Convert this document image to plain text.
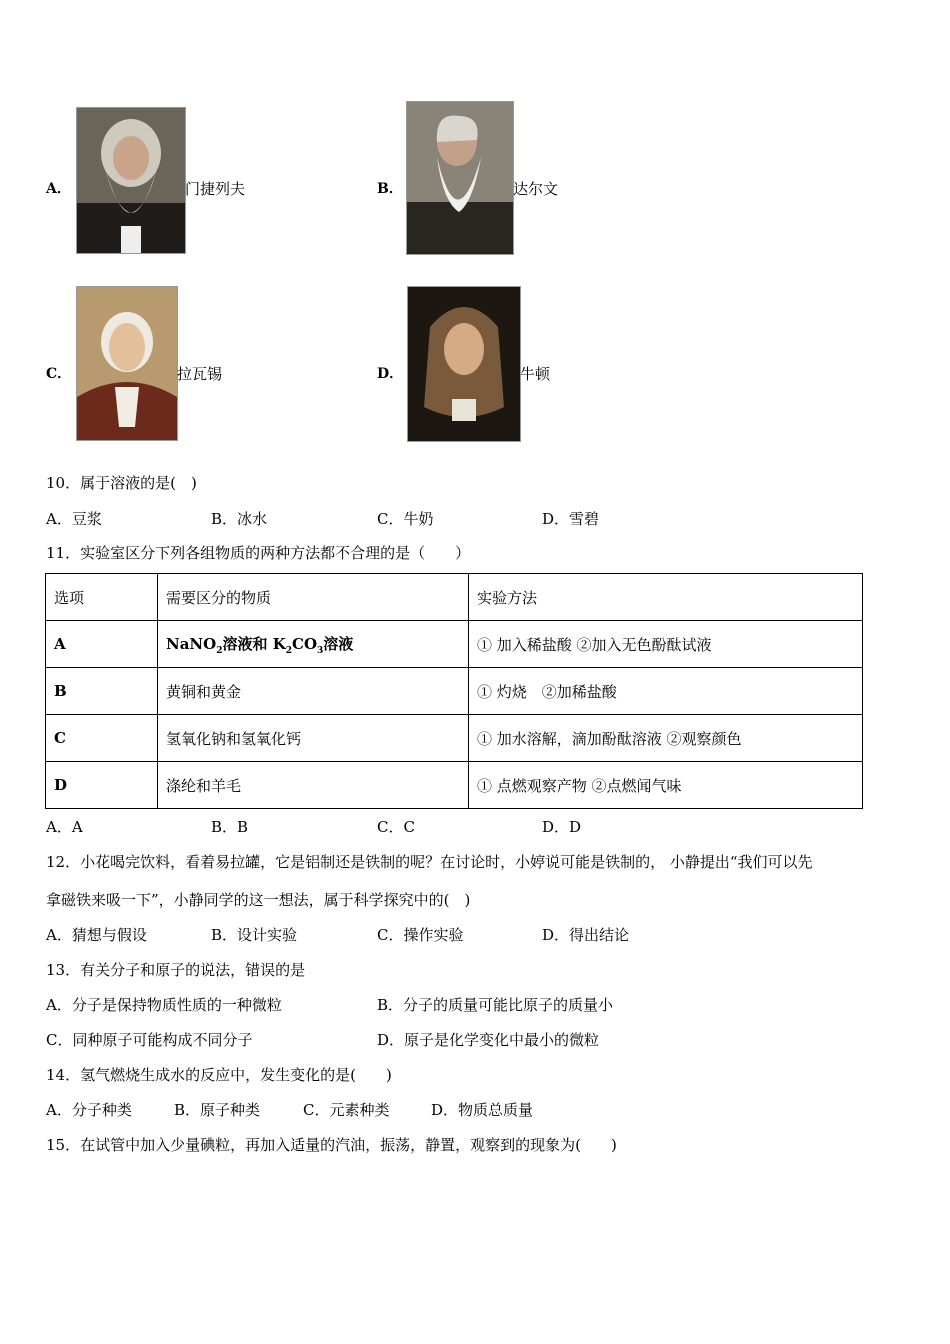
A．	门捷列夫	B．	达尔文
C．	拉瓦锡	D．	牛顿
10．属于溶液的是(　)
A．豆浆	B．冰水	C．牛奶	D．雪碧
11．实验室区分下列各组物质的两种方法都不合理的是（　　）
选项	需要区分的物质	实验方法
A	NaNO$_2$溶液和 $K_2CO_3$溶液	① 加入稀盐酸 ②加入无色酚酞试液
B	黄铜和黄金	① 灼烧　②加稀盐酸
C	氢氧化钠和氢氧化钙	① 加水溶解，滴加酚酞溶液 ②观察颜色
D	涤纶和羊毛	① 点燃观察产物 ②点燃闻气味
A．A	B．B	C．C	D．D
12．小花喝完饮料，看着易拉罐，它是铝制还是铁制的呢？在讨论时，小婷说可能是铁制的， 小静提出“我们可以先
拿磁铁来吸一下”，小静同学的这一想法，属于科学探究中的(　)
A．猜想与假设	B．设计实验	C．操作实验	D．得出结论
13．有关分子和原子的说法，错误的是
A．分子是保持物质性质的一种微粒	B．分子的质量可能比原子的质量小
C．同种原子可能构成不同分子	D．原子是化学变化中最小的微粒
14．氢气燃烧生成水的反应中，发生变化的是(　　)
A．分子种类	B．原子种类	C．元素种类	D．物质总质量
15．在试管中加入少量碘粒，再加入适量的汽油，振荡，静置，观察到的现象为(　　)
